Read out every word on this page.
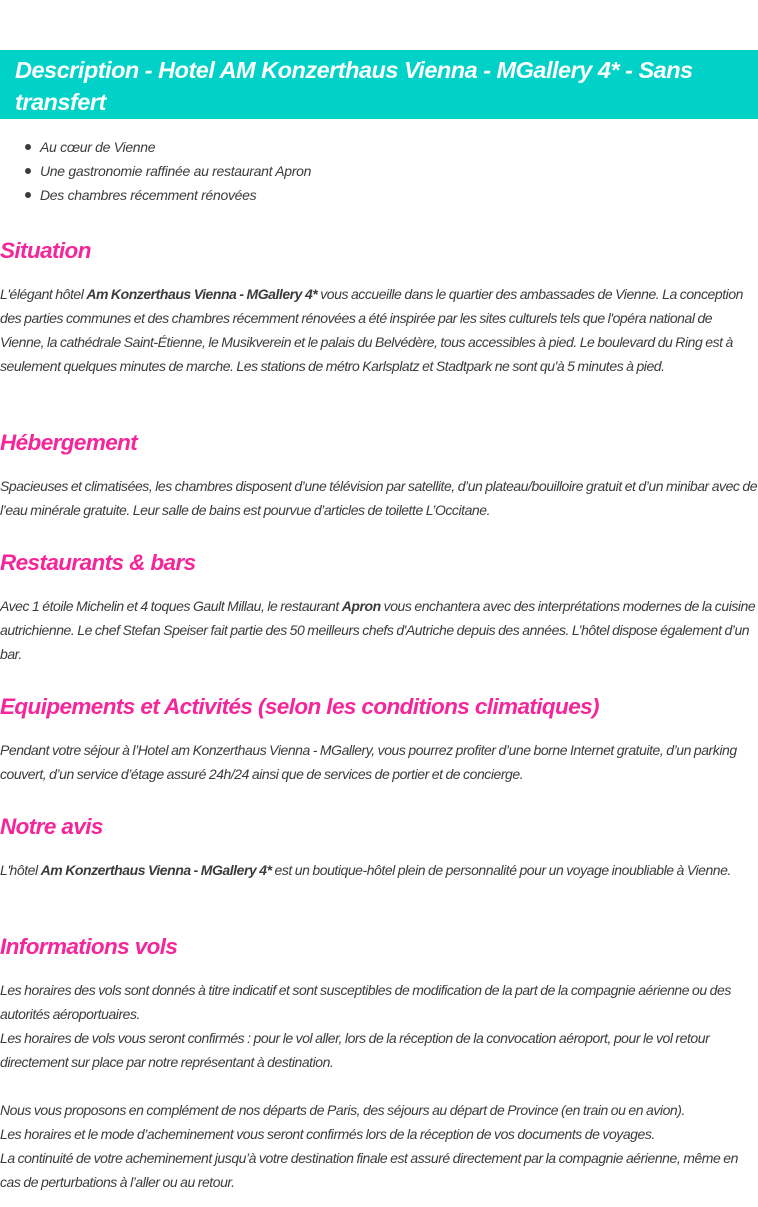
Description - Hotel AM Konzerthaus Vienna - MGallery 4* - Sans transfert
Au cœur de Vienne
Une gastronomie raffinée au restaurant Apron
Des chambres récemment rénovées
Situation

L'élégant hôtel Am Konzerthaus Vienna - MGallery 4* vous accueille dans le quartier des ambassades de Vienne. La conception des parties communes et des chambres récemment rénovées a été inspirée par les sites culturels tels que l'opéra national de Vienne, la cathédrale Saint-Étienne, le Musikverein et le palais du Belvédère, tous accessibles à pied. Le boulevard du Ring est à seulement quelques minutes de marche. Les stations de métro Karlsplatz et Stadtpark ne sont qu'à 5 minutes à pied.

Hébergement

Spacieuses et climatisées, les chambres disposent d’une télévision par satellite, d’un plateau/bouilloire gratuit et d’un minibar avec de l’eau minérale gratuite. Leur salle de bains est pourvue d’articles de toilette L’Occitane.

Restaurants & bars

Avec 1 étoile Michelin et 4 toques Gault Millau, le restaurant Apron vous enchantera avec des interprétations modernes de la cuisine autrichienne. Le chef Stefan Speiser fait partie des 50 meilleurs chefs d'Autriche depuis des années. L’hôtel dispose également d’un bar.

Equipements et Activités (selon les conditions climatiques)

Pendant votre séjour à l’Hotel am Konzerthaus Vienna - MGallery, vous pourrez profiter d’une borne Internet gratuite, d’un parking couvert, d’un service d’étage assuré 24h/24 ainsi que de services de portier et de concierge.

Notre avis

L'hôtel Am Konzerthaus Vienna - MGallery 4* est un boutique-hôtel plein de personnalité pour un voyage inoubliable à Vienne.

Informations vols

Les horaires des vols sont donnés à titre indicatif et sont susceptibles de modification de la part de la compagnie aérienne ou des autorités aéroportuaires.

Les horaires de vols vous seront confirmés : pour le vol aller, lors de la réception de la convocation aéroport, pour le vol retour directement sur place par notre représentant à destination.

Nous vous proposons en complément de nos départs de Paris, des séjours au départ de Province (en train ou en avion).

Les horaires et le mode d’acheminement vous seront confirmés lors de la réception de vos documents de voyages.

La continuité de votre acheminement jusqu’à votre destination finale est assuré directement par la compagnie aérienne, même en cas de perturbations à l’aller ou au retour.
